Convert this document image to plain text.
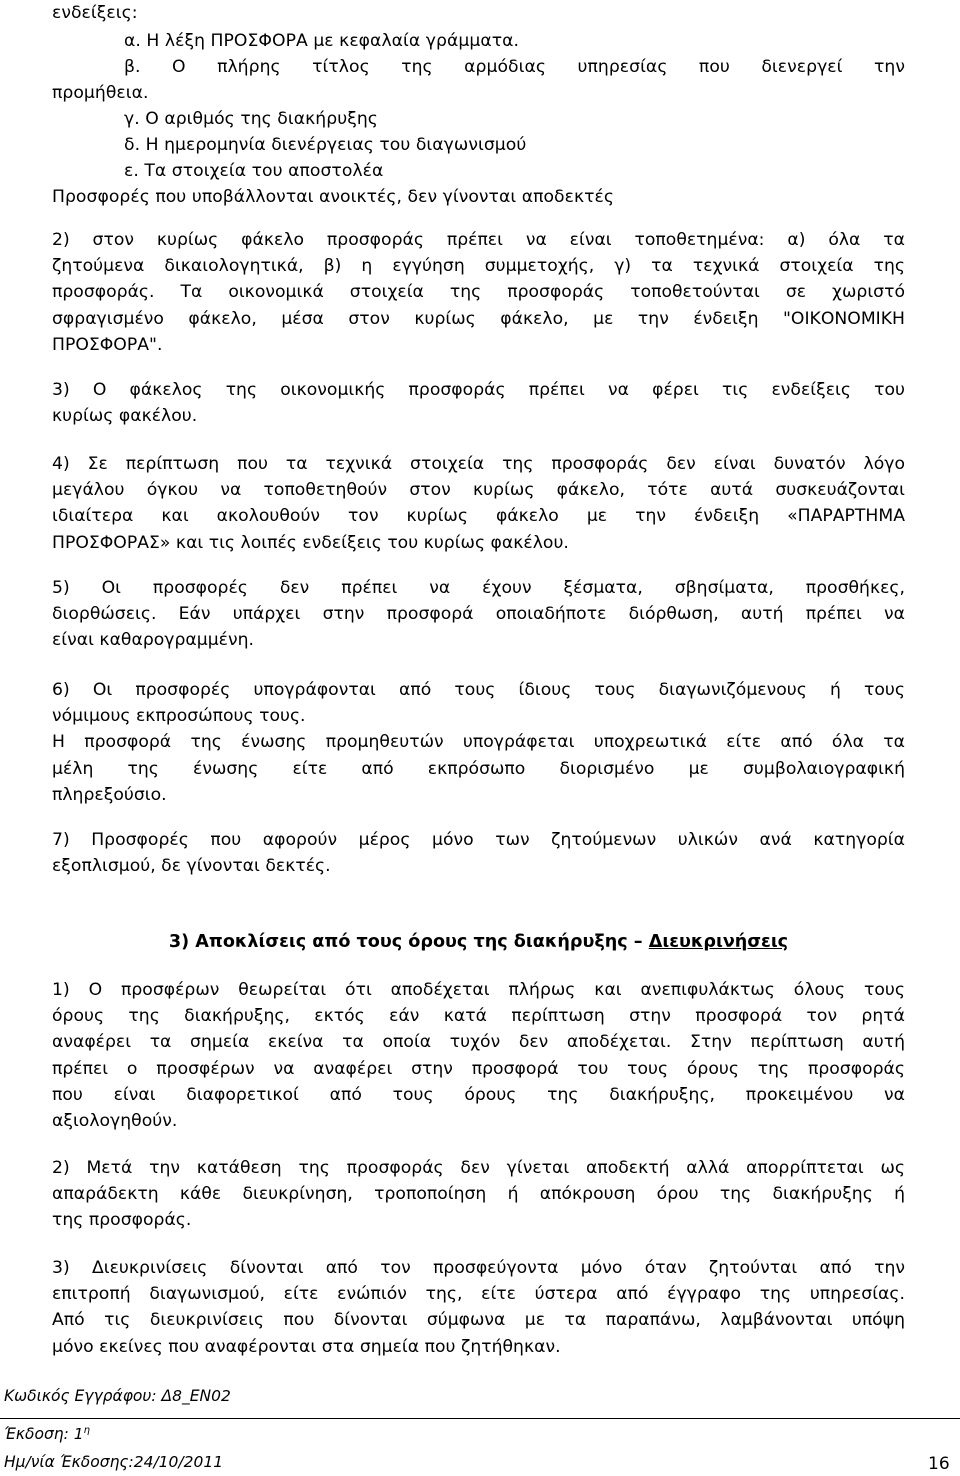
ενδείξεις:
α. Η λέξη ΠΡΟΣΦΟΡΑ με κεφαλαία γράμματα.
β. Ο πλήρης τίτλος της αρμόδιας υπηρεσίας που διενεργεί την
προμήθεια.
γ. Ο αριθμός της διακήρυξης
δ. Η ημερομηνία διενέργειας του διαγωνισμού
ε. Τα στοιχεία του αποστολέα
Προσφορές που υποβάλλονται ανοικτές, δεν γίνονται αποδεκτές
2) στον κυρίως φάκελο προσφοράς πρέπει να είναι τοποθετημένα: α) όλα τα
ζητούμενα δικαιολογητικά, β) η εγγύηση συμμετοχής, γ) τα τεχνικά στοιχεία της
προσφοράς. Τα οικονομικά στοιχεία της προσφοράς τοποθετούνται σε χωριστό
σφραγισμένο φάκελο, μέσα στον κυρίως φάκελο, με την ένδειξη "ΟΙΚΟΝΟΜΙΚΗ
ΠΡΟΣΦΟΡΑ".
3) Ο φάκελος της οικονομικής προσφοράς πρέπει να φέρει τις ενδείξεις του
κυρίως φακέλου.
4) Σε περίπτωση που τα τεχνικά στοιχεία της προσφοράς δεν είναι δυνατόν λόγο
μεγάλου όγκου να τοποθετηθούν στον κυρίως φάκελο, τότε αυτά συσκευάζονται
ιδιαίτερα και ακολουθούν τον κυρίως φάκελο με την ένδειξη «ΠΑΡΑΡΤΗΜΑ
ΠΡΟΣΦΟΡΑΣ» και τις λοιπές ενδείξεις του κυρίως φακέλου.
5) Οι προσφορές δεν πρέπει να έχουν ξέσματα, σβησίματα, προσθήκες,
διορθώσεις. Εάν υπάρχει στην προσφορά οποιαδήποτε διόρθωση, αυτή πρέπει να
είναι καθαρογραμμένη.
6) Οι προσφορές υπογράφονται από τους ίδιους τους διαγωνιζόμενους ή τους
νόμιμους εκπροσώπους τους.
Η προσφορά της ένωσης προμηθευτών υπογράφεται υποχρεωτικά είτε από όλα τα
μέλη της ένωσης είτε από εκπρόσωπο διορισμένο με συμβολαιογραφική
πληρεξούσιο.
7) Προσφορές που αφορούν μέρος μόνο των ζητούμενων υλικών ανά κατηγορία
εξοπλισμού, δε γίνονται δεκτές.
3) Αποκλίσεις από τους όρους της διακήρυξης – Διευκρινήσεις
1) Ο προσφέρων θεωρείται ότι αποδέχεται πλήρως και ανεπιφυλάκτως όλους τους
όρους της διακήρυξης, εκτός εάν κατά περίπτωση στην προσφορά τον ρητά
αναφέρει τα σημεία εκείνα τα οποία τυχόν δεν αποδέχεται. Στην περίπτωση αυτή
πρέπει ο προσφέρων να αναφέρει στην προσφορά του τους όρους της προσφοράς
που είναι διαφορετικοί από τους όρους της διακήρυξης, προκειμένου να
αξιολογηθούν.
2) Μετά την κατάθεση της προσφοράς δεν γίνεται αποδεκτή αλλά απορρίπτεται ως
απαράδεκτη κάθε διευκρίνηση, τροποποίηση ή απόκρουση όρου της διακήρυξης ή
της προσφοράς.
3) Διευκρινίσεις δίνονται από τον προσφεύγοντα μόνο όταν ζητούνται από την
επιτροπή διαγωνισμού, είτε ενώπιόν της, είτε ύστερα από έγγραφο της υπηρεσίας.
Από τις διευκρινίσεις που δίνονται σύμφωνα με τα παραπάνω, λαμβάνονται υπόψη
μόνο εκείνες που αναφέρονται στα σημεία που ζητήθηκαν.
Κωδικός Εγγράφου: Δ8_ΕΝ02
Έκδοση: $1^\eta$
Ημ/νία Έκδοσης:24/10/2011	16
